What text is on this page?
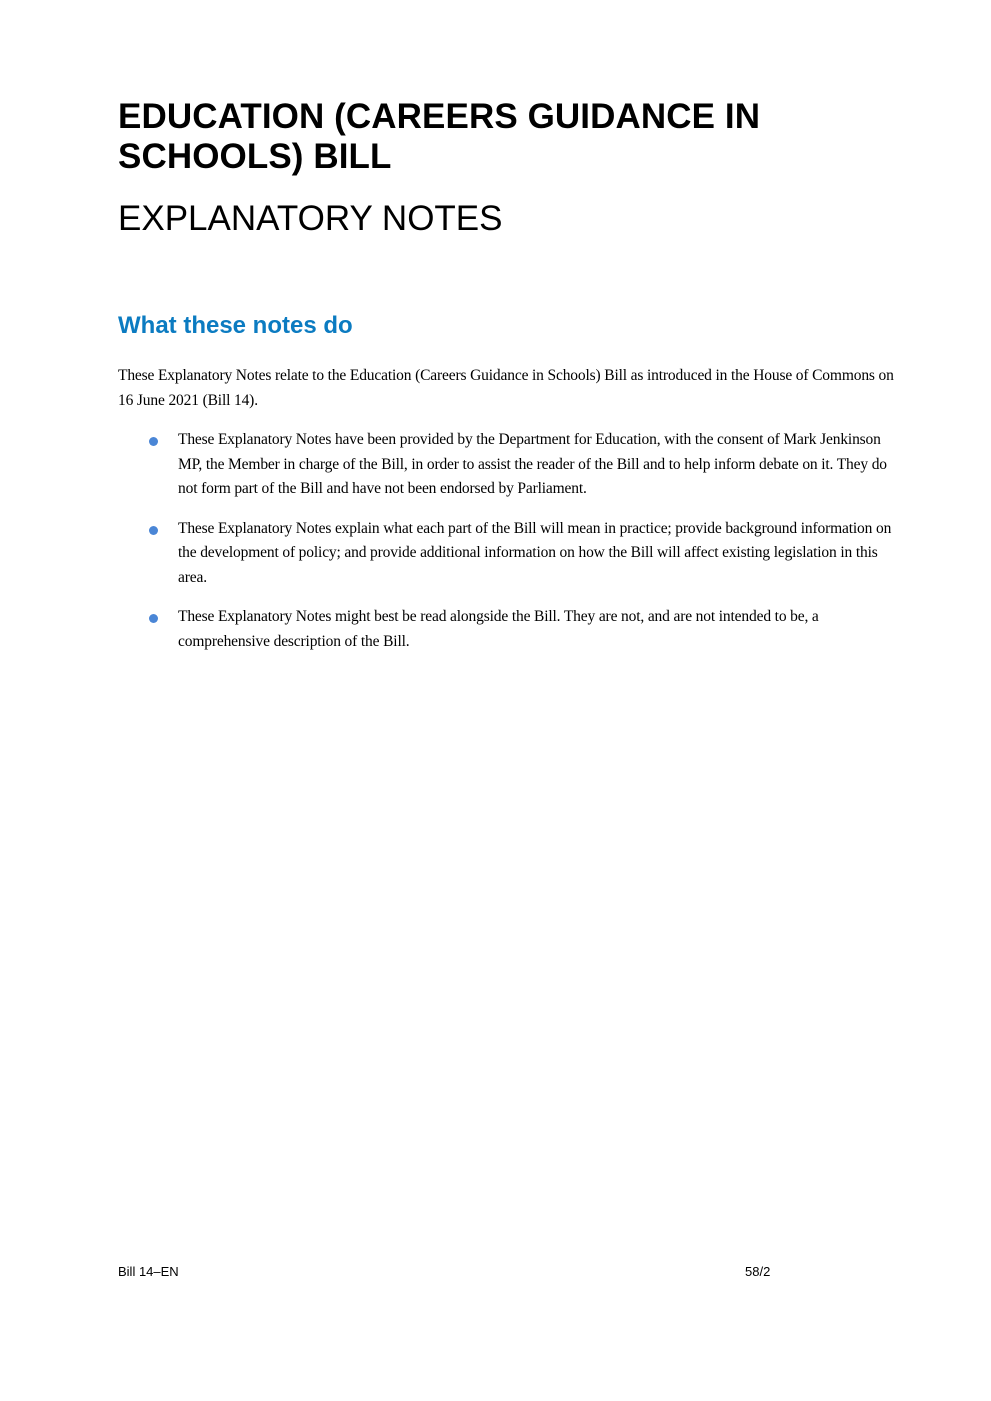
EDUCATION (CAREERS GUIDANCE IN SCHOOLS) BILL
EXPLANATORY NOTES
What these notes do

These Explanatory Notes relate to the Education (Careers Guidance in Schools) Bill as introduced in the House of Commons on 16 June 2021 (Bill 14).

These Explanatory Notes have been provided by the Department for Education, with the consent of Mark Jenkinson MP, the Member in charge of the Bill, in order to assist the reader of the Bill and to help inform debate on it. They do not form part of the Bill and have not been endorsed by Parliament.
These Explanatory Notes explain what each part of the Bill will mean in practice; provide background information on the development of policy; and provide additional information on how the Bill will affect existing legislation in this area.
These Explanatory Notes might best be read alongside the Bill. They are not, and are not intended to be, a comprehensive description of the Bill.
Bill 14–EN	58/2
